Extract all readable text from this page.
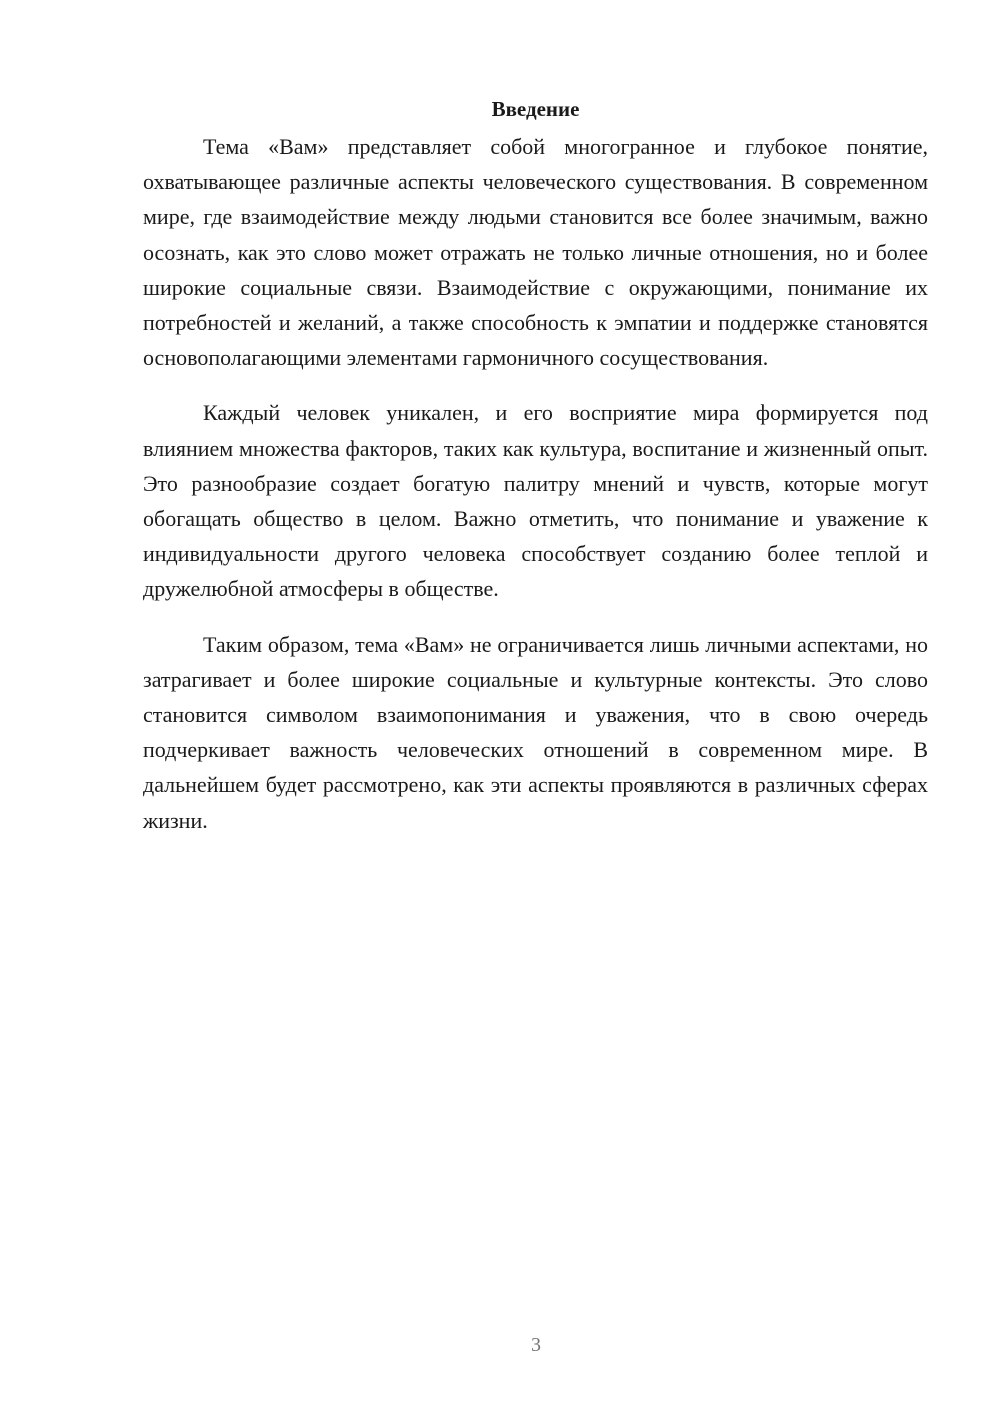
Введение

Тема «Вам» представляет собой многогранное и глубокое понятие, охватывающее различные аспекты человеческого существования. В современном мире, где взаимодействие между людьми становится все более значимым, важно осознать, как это слово может отражать не только личные отношения, но и более широкие социальные связи. Взаимодействие с окружающими, понимание их потребностей и желаний, а также способность к эмпатии и поддержке становятся основополагающими элементами гармоничного сосуществования.

Каждый человек уникален, и его восприятие мира формируется под влиянием множества факторов, таких как культура, воспитание и жизненный опыт. Это разнообразие создает богатую палитру мнений и чувств, которые могут обогащать общество в целом. Важно отметить, что понимание и уважение к индивидуальности другого человека способствует созданию более теплой и дружелюбной атмосферы в обществе.

Таким образом, тема «Вам» не ограничивается лишь личными аспектами, но затрагивает и более широкие социальные и культурные контексты. Это слово становится символом взаимопонимания и уважения, что в свою очередь подчеркивает важность человеческих отношений в современном мире. В дальнейшем будет рассмотрено, как эти аспекты проявляются в различных сферах жизни.

3
